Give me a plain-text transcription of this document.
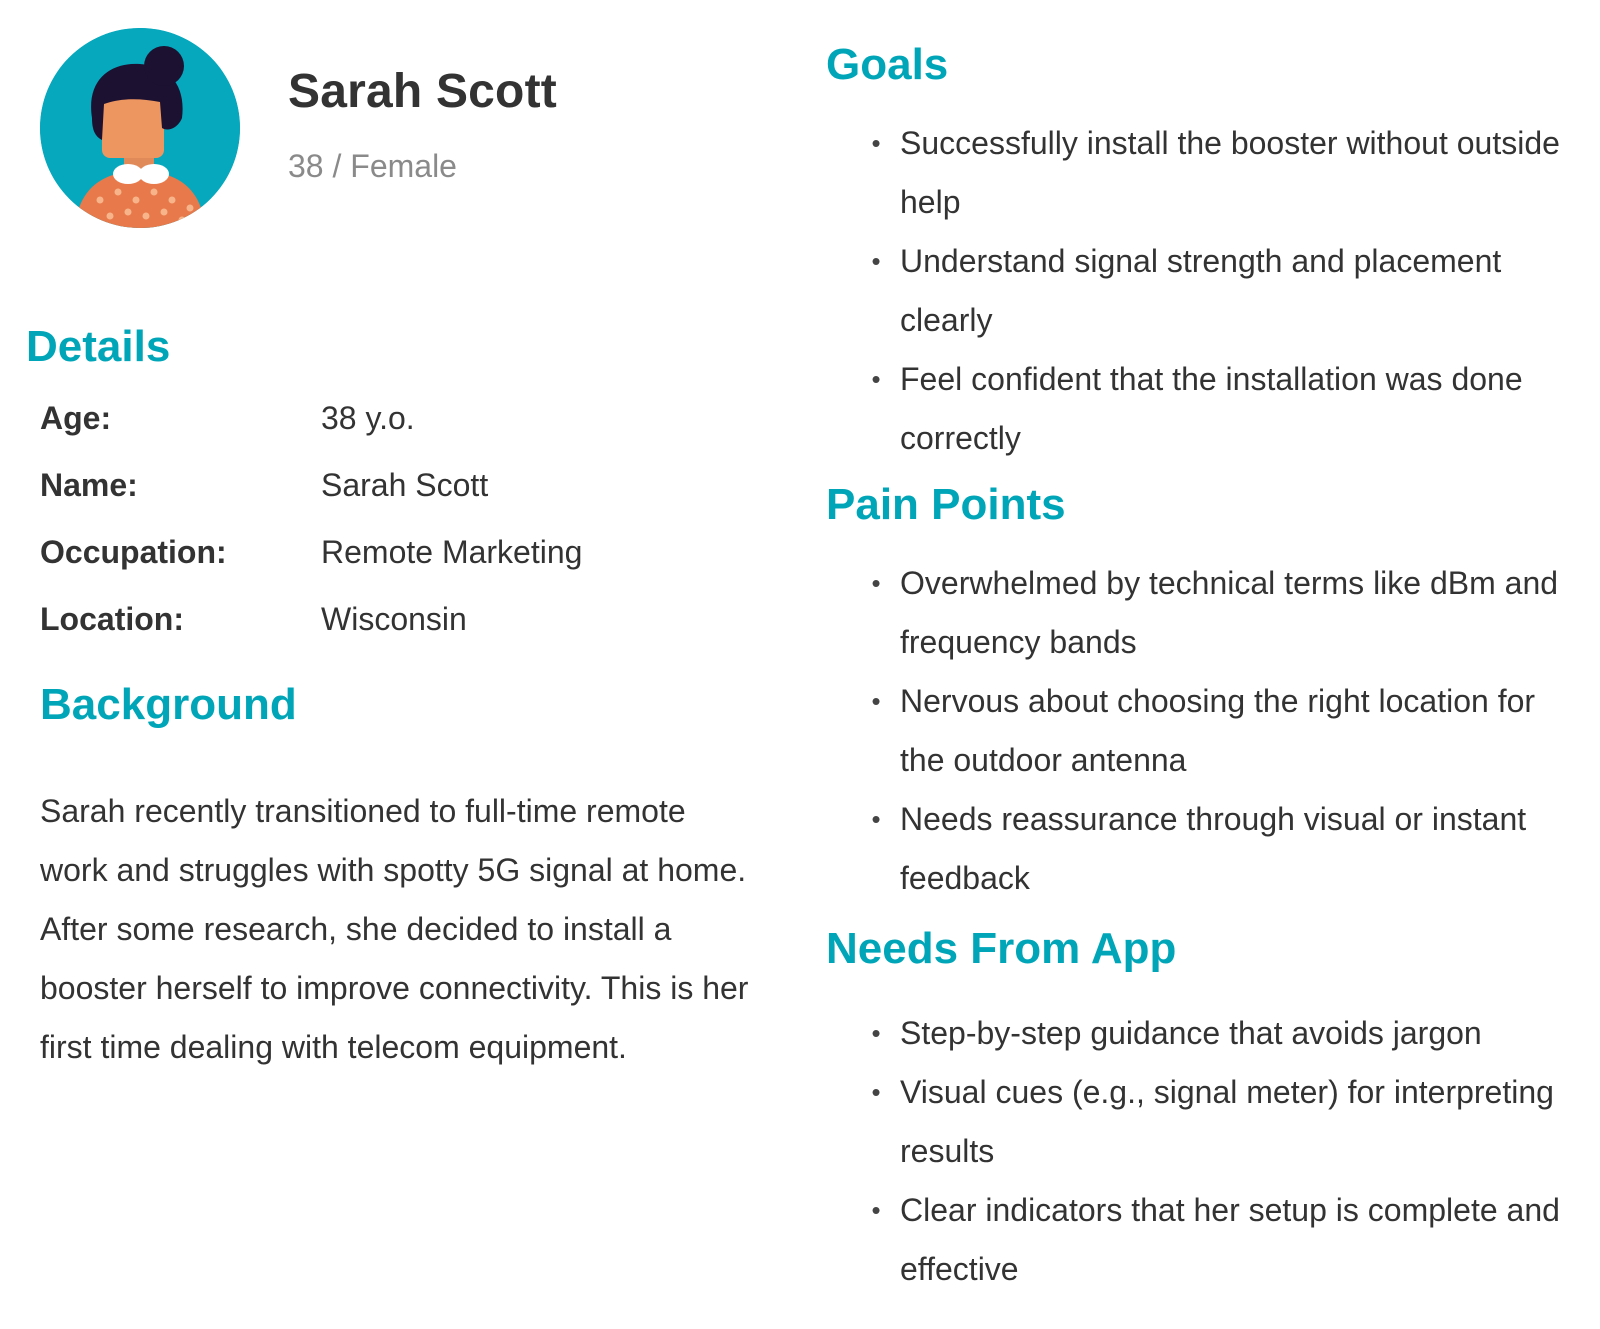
Sarah Scott
38 / Female
Details
Age:	38 y.o.
Name:	Sarah Scott
Occupation:	Remote Marketing
Location:	Wisconsin
Background

Sarah recently transitioned to full-time remote work and struggles with spotty 5G signal at home. After some research, she decided to install a booster herself to improve connectivity. This is her first time dealing with telecom equipment.

Goals
• Successfully install the booster without outside help
• Understand signal strength and placement clearly
• Feel confident that the installation was done correctly
Pain Points
• Overwhelmed by technical terms like dBm and frequency bands
• Nervous about choosing the right location for the outdoor antenna
• Needs reassurance through visual or instant feedback
Needs From App
• Step-by-step guidance that avoids jargon
• Visual cues (e.g., signal meter) for interpreting results
• Clear indicators that her setup is complete and effective
